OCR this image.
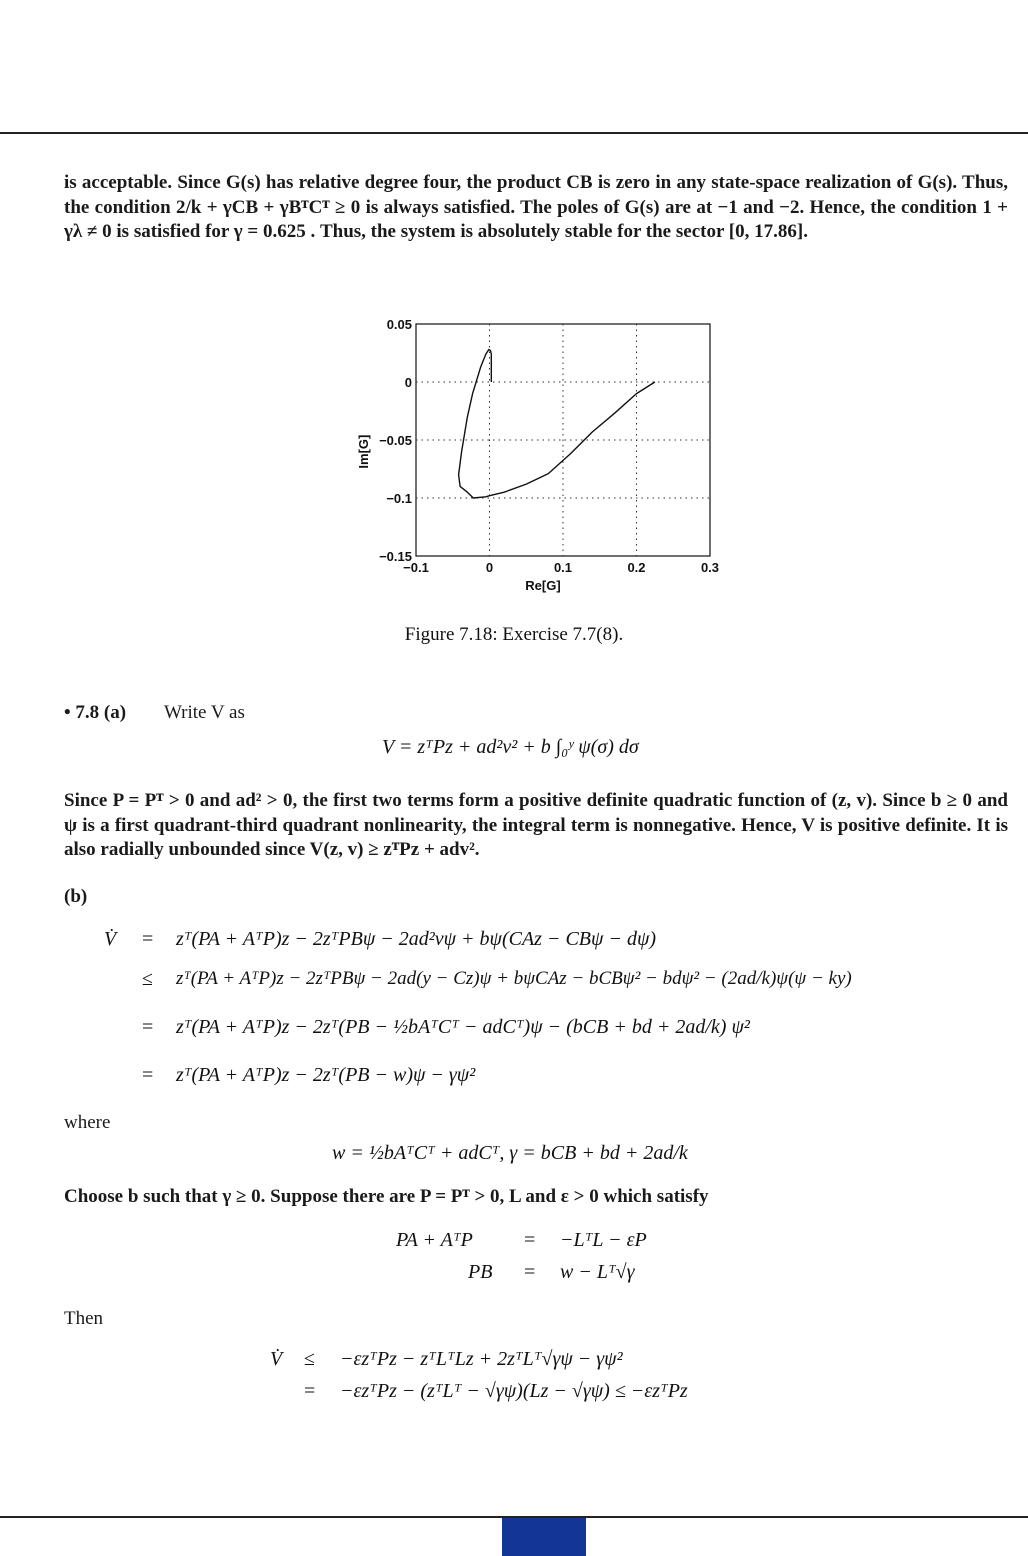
is acceptable. Since G(s) has relative degree four, the product CB is zero in any state-space realization of G(s). Thus, the condition 2/k + γCB + γBᵀCᵀ ≥ 0 is always satisfied. The poles of G(s) are at −1 and −2. Hence, the condition 1 + γλ ≠ 0 is satisfied for γ = 0.625 . Thus, the system is absolutely stable for the sector [0, 17.86].
−0.1	0	0.1	0.2	0.3
0.05
0
−0.05
−0.1
−0.15
Re[G]
Im[G]
Figure 7.18: Exercise 7.7(8).
• 7.8 (a) Write V as
V = zᵀPz + ad²v² + b ∫₀ʸ ψ(σ) dσ
Since P = Pᵀ > 0 and ad² > 0, the first two terms form a positive definite quadratic function of (z, v). Since b ≥ 0 and ψ is a first quadrant-third quadrant nonlinearity, the integral term is nonnegative. Hence, V is positive definite. It is also radially unbounded since V(z, v) ≥ zᵀPz + adv².
(b)
V̇ = zᵀ(PA + AᵀP)z − 2zᵀPBψ − 2ad²vψ + bψ(CAz − CBψ − dψ)
≤ zᵀ(PA + AᵀP)z − 2zᵀPBψ − 2ad(y − Cz)ψ + bψCAz − bCBψ² − bdψ² − (2ad/k)ψ(ψ − ky)
= zᵀ(PA + AᵀP)z − 2zᵀ(PB − ½bAᵀCᵀ − adCᵀ)ψ − (bCB + bd + 2ad/k) ψ²
= zᵀ(PA + AᵀP)z − 2zᵀ(PB − w)ψ − γψ²
where
w = ½bAᵀCᵀ + adCᵀ, γ = bCB + bd + 2ad/k
Choose b such that γ ≥ 0. Suppose there are P = Pᵀ > 0, L and ε > 0 which satisfy
PA + AᵀP	= −LᵀL − εP
PB = w − Lᵀ√γ
Then
V̇ ≤ −εzᵀPz − zᵀLᵀLz + 2zᵀLᵀ√γψ − γψ²
= −εzᵀPz − (zᵀLᵀ − √γψ)(Lz − √γψ) ≤ −εzᵀPz
